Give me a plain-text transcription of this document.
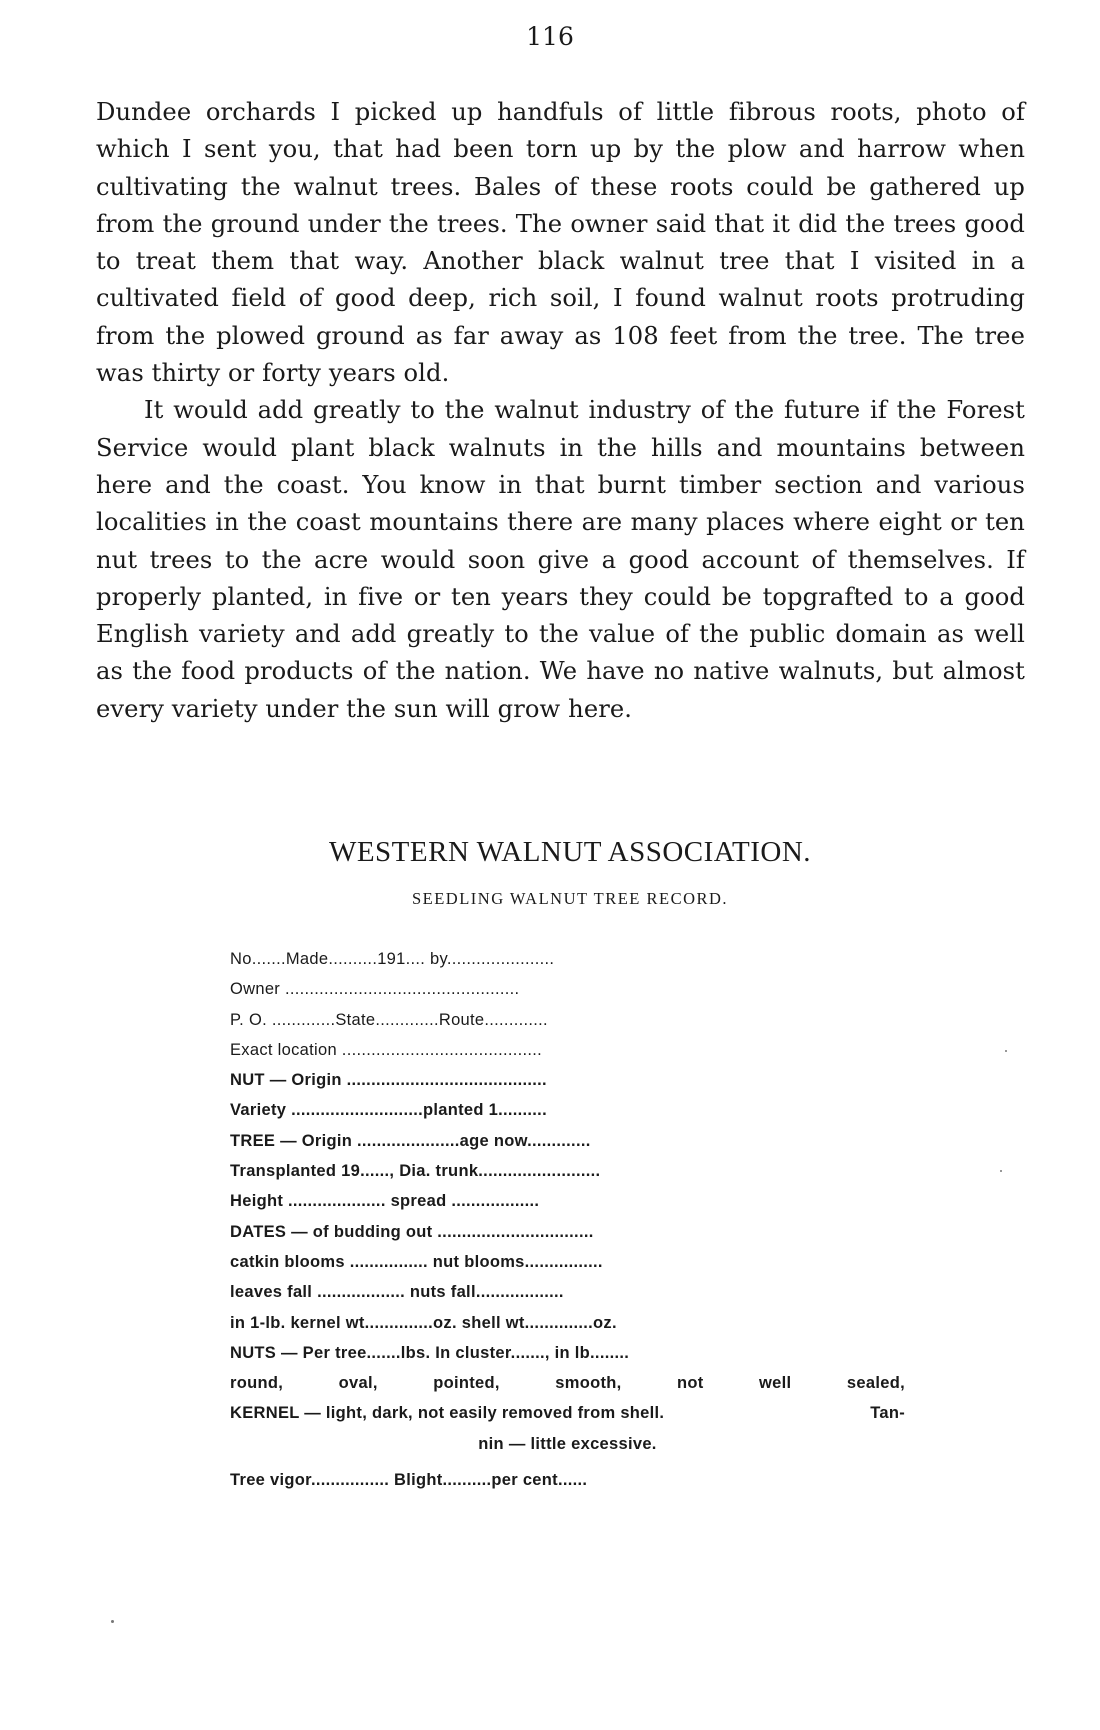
116

Dundee orchards I picked up handfuls of little fibrous roots, photo of which I sent you, that had been torn up by the plow and harrow when cultivating the walnut trees. Bales of these roots could be gathered up from the ground under the trees. The owner said that it did the trees good to treat them that way. Another black walnut tree that I visited in a cultivated field of good deep, rich soil, I found walnut roots protruding from the plowed ground as far away as 108 feet from the tree. The tree was thirty or forty years old.

It would add greatly to the walnut industry of the future if the Forest Service would plant black walnuts in the hills and mountains between here and the coast. You know in that burnt timber section and various localities in the coast mountains there are many places where eight or ten nut trees to the acre would soon give a good account of themselves. If properly planted, in five or ten years they could be topgrafted to a good English variety and add greatly to the value of the public domain as well as the food products of the nation. We have no native walnuts, but almost every variety under the sun will grow here.

WESTERN WALNUT ASSOCIATION.
SEEDLING WALNUT TREE RECORD.
No.......Made..........191.... by......................
Owner ................................................
P. O. .............State.............Route.............
Exact location .........................................
NUT — Origin .........................................
Variety ...........................planted 1..........
TREE — Origin .....................age now.............
Transplanted 19......, Dia. trunk.........................
Height .................... spread ..................
DATES — of budding out ................................
catkin blooms ................ nut blooms................
leaves fall .................. nuts fall..................
in 1-lb. kernel wt..............oz. shell wt..............oz.
NUTS — Per tree.......lbs. In cluster......., in lb........
round,	oval,	pointed,	smooth,	not	well	sealed,
KERNEL — light, dark, not easily removed from shell.	Tan-
nin — little excessive.
Tree vigor................ Blight..........per cent......
